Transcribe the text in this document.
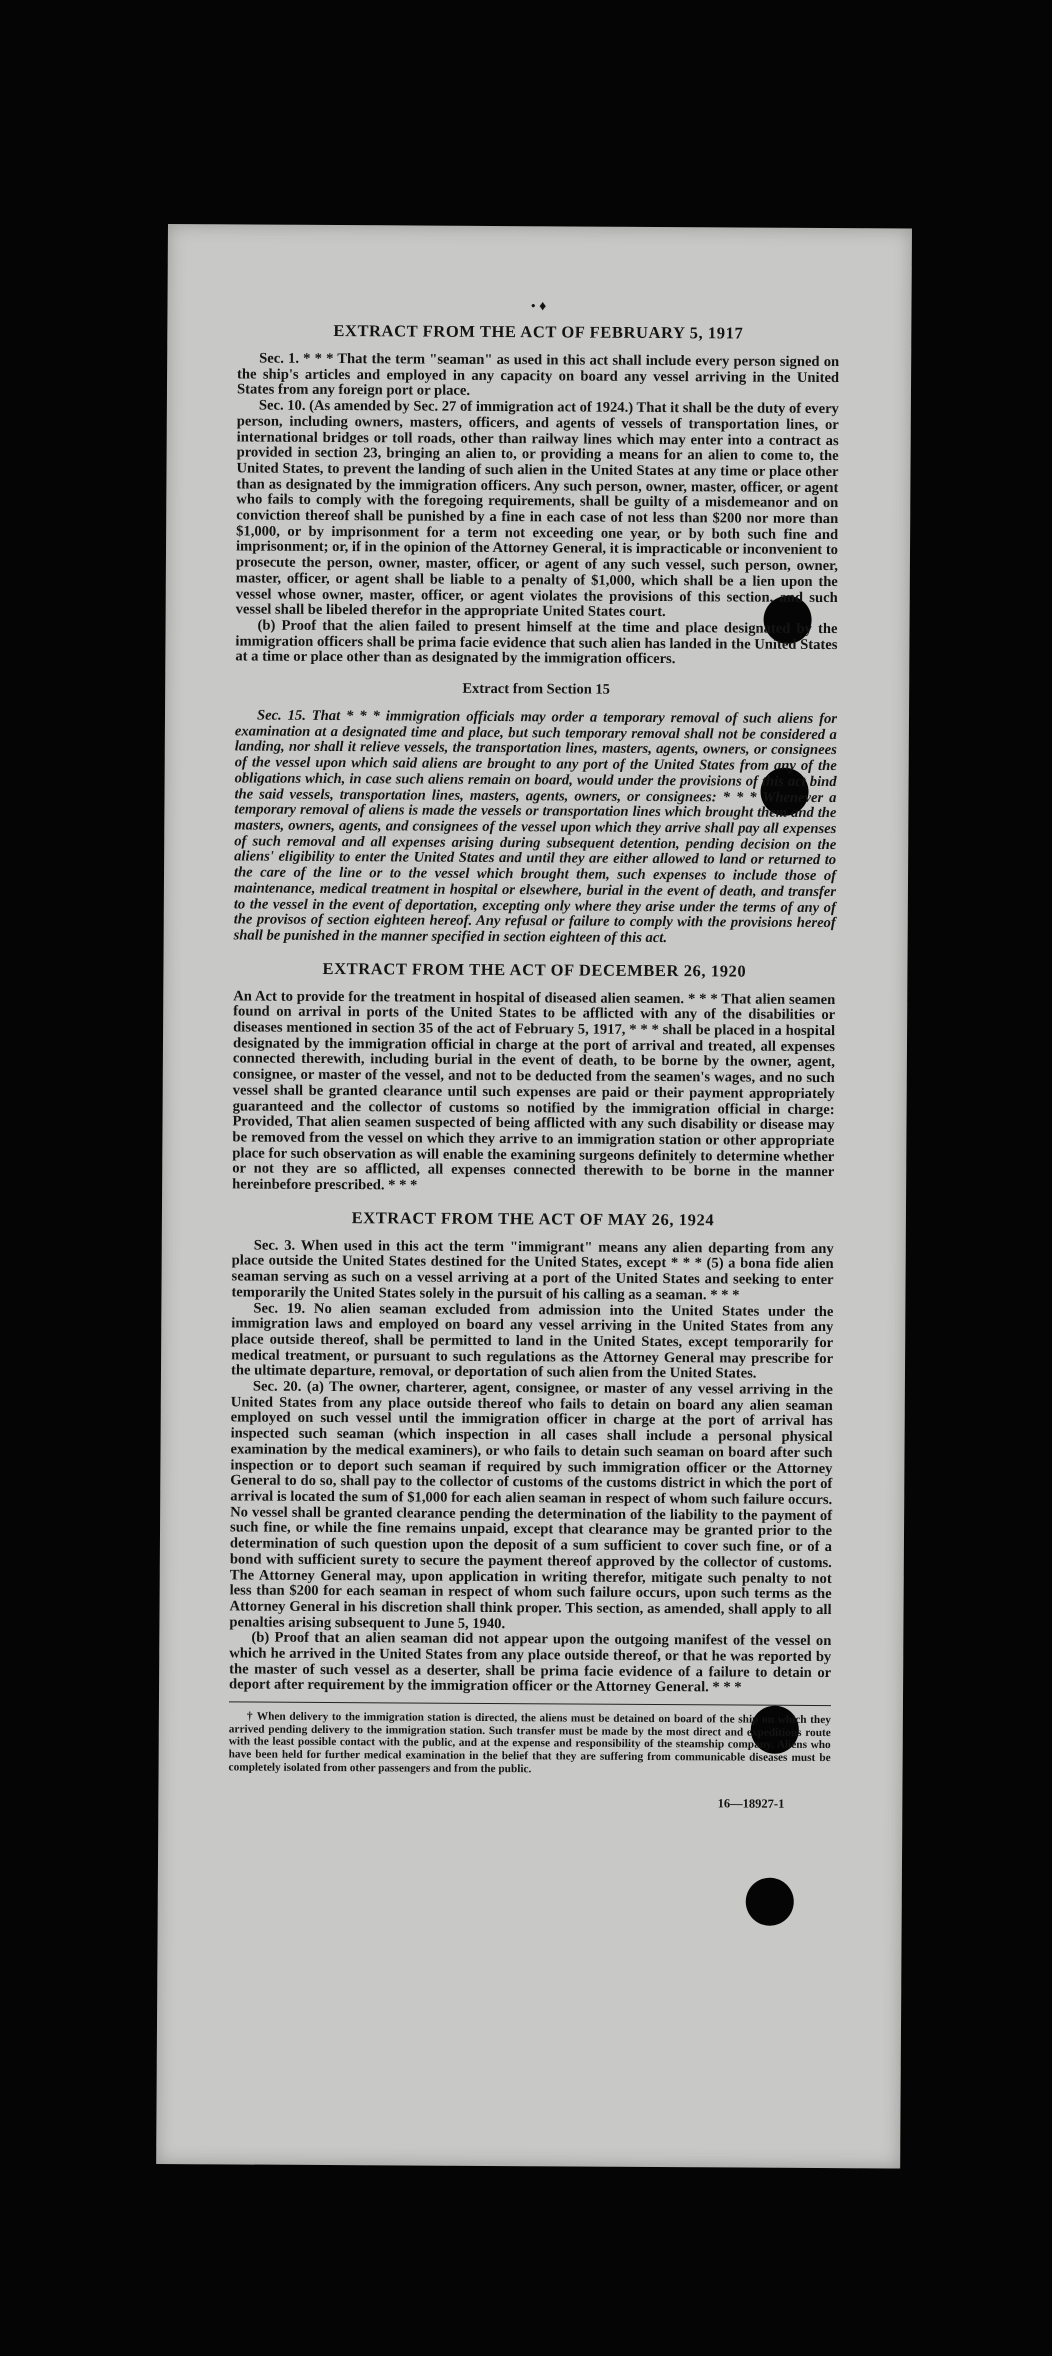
• ♦
EXTRACT FROM THE ACT OF FEBRUARY 5, 1917

Sec. 1. * * * That the term "seaman" as used in this act shall include every person signed on the ship's articles and employed in any capacity on board any vessel arriving in the United States from any foreign port or place.

Sec. 10. (As amended by Sec. 27 of immigration act of 1924.) That it shall be the duty of every person, including owners, masters, officers, and agents of vessels of transportation lines, or international bridges or toll roads, other than railway lines which may enter into a contract as provided in section 23, bringing an alien to, or providing a means for an alien to come to, the United States, to prevent the landing of such alien in the United States at any time or place other than as designated by the immigration officers. Any such person, owner, master, officer, or agent who fails to comply with the foregoing requirements, shall be guilty of a misdemeanor and on conviction thereof shall be punished by a fine in each case of not less than $200 nor more than $1,000, or by imprisonment for a term not exceeding one year, or by both such fine and imprisonment; or, if in the opinion of the Attorney General, it is impracticable or inconvenient to prosecute the person, owner, master, officer, or agent of any such vessel, such person, owner, master, officer, or agent shall be liable to a penalty of $1,000, which shall be a lien upon the vessel whose owner, master, officer, or agent violates the provisions of this section, and such vessel shall be libeled therefor in the appropriate United States court.

(b) Proof that the alien failed to present himself at the time and place designated by the immigration officers shall be prima facie evidence that such alien has landed in the United States at a time or place other than as designated by the immigration officers.

Extract from Section 15

Sec. 15. That * * * immigration officials may order a temporary removal of such aliens for examination at a designated time and place, but such temporary removal shall not be considered a landing, nor shall it relieve vessels, the transportation lines, masters, agents, owners, or consignees of the vessel upon which said aliens are brought to any port of the United States from any of the obligations which, in case such aliens remain on board, would under the provisions of this act bind the said vessels, transportation lines, masters, agents, owners, or consignees: * * * Whenever a temporary removal of aliens is made the vessels or transportation lines which brought them and the masters, owners, agents, and consignees of the vessel upon which they arrive shall pay all expenses of such removal and all expenses arising during subsequent detention, pending decision on the aliens' eligibility to enter the United States and until they are either allowed to land or returned to the care of the line or to the vessel which brought them, such expenses to include those of maintenance, medical treatment in hospital or elsewhere, burial in the event of death, and transfer to the vessel in the event of deportation, excepting only where they arise under the terms of any of the provisos of section eighteen hereof. Any refusal or failure to comply with the provisions hereof shall be punished in the manner specified in section eighteen of this act.

EXTRACT FROM THE ACT OF DECEMBER 26, 1920

An Act to provide for the treatment in hospital of diseased alien seamen. * * * That alien seamen found on arrival in ports of the United States to be afflicted with any of the disabilities or diseases mentioned in section 35 of the act of February 5, 1917, * * * shall be placed in a hospital designated by the immigration official in charge at the port of arrival and treated, all expenses connected therewith, including burial in the event of death, to be borne by the owner, agent, consignee, or master of the vessel, and not to be deducted from the seamen's wages, and no such vessel shall be granted clearance until such expenses are paid or their payment appropriately guaranteed and the collector of customs so notified by the immigration official in charge: Provided, That alien seamen suspected of being afflicted with any such disability or disease may be removed from the vessel on which they arrive to an immigration station or other appropriate place for such observation as will enable the examining surgeons definitely to determine whether or not they are so afflicted, all expenses connected therewith to be borne in the manner hereinbefore prescribed. * * *

EXTRACT FROM THE ACT OF MAY 26, 1924

Sec. 3. When used in this act the term "immigrant" means any alien departing from any place outside the United States destined for the United States, except * * * (5) a bona fide alien seaman serving as such on a vessel arriving at a port of the United States and seeking to enter temporarily the United States solely in the pursuit of his calling as a seaman. * * *

Sec. 19. No alien seaman excluded from admission into the United States under the immigration laws and employed on board any vessel arriving in the United States from any place outside thereof, shall be permitted to land in the United States, except temporarily for medical treatment, or pursuant to such regulations as the Attorney General may prescribe for the ultimate departure, removal, or deportation of such alien from the United States.

Sec. 20. (a) The owner, charterer, agent, consignee, or master of any vessel arriving in the United States from any place outside thereof who fails to detain on board any alien seaman employed on such vessel until the immigration officer in charge at the port of arrival has inspected such seaman (which inspection in all cases shall include a personal physical examination by the medical examiners), or who fails to detain such seaman on board after such inspection or to deport such seaman if required by such immigration officer or the Attorney General to do so, shall pay to the collector of customs of the customs district in which the port of arrival is located the sum of $1,000 for each alien seaman in respect of whom such failure occurs. No vessel shall be granted clearance pending the determination of the liability to the payment of such fine, or while the fine remains unpaid, except that clearance may be granted prior to the determination of such question upon the deposit of a sum sufficient to cover such fine, or of a bond with sufficient surety to secure the payment thereof approved by the collector of customs. The Attorney General may, upon application in writing therefor, mitigate such penalty to not less than $200 for each seaman in respect of whom such failure occurs, upon such terms as the Attorney General in his discretion shall think proper. This section, as amended, shall apply to all penalties arising subsequent to June 5, 1940.

(b) Proof that an alien seaman did not appear upon the outgoing manifest of the vessel on which he arrived in the United States from any place outside thereof, or that he was reported by the master of such vessel as a deserter, shall be prima facie evidence of a failure to detain or deport after requirement by the immigration officer or the Attorney General. * * *

† When delivery to the immigration station is directed, the aliens must be detained on board of the ship on which they arrived pending delivery to the immigration station. Such transfer must be made by the most direct and expeditious route with the least possible contact with the public, and at the expense and responsibility of the steamship company. Aliens who have been held for further medical examination in the belief that they are suffering from communicable diseases must be completely isolated from other passengers and from the public.

16—18927-1
